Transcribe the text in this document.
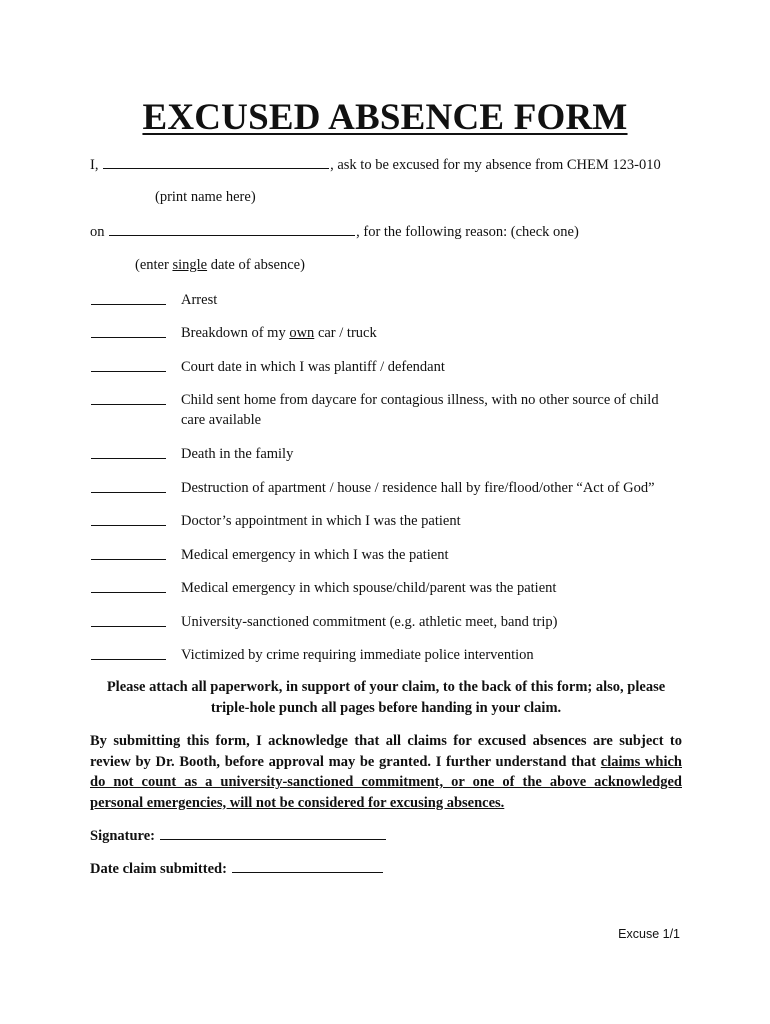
EXCUSED ABSENCE FORM
I,	, ask to be excused for my absence from CHEM 123-010
(print name here)
on	, for the following reason: (check one)
(enter single date of absence)
Arrest
Breakdown of my own car / truck
Court date in which I was plantiff / defendant
Child sent home from daycare for contagious illness, with no other source of child care available
Death in the family
Destruction of apartment / house / residence hall by fire/flood/other “Act of God”
Doctor’s appointment in which I was the patient
Medical emergency in which I was the patient
Medical emergency in which spouse/child/parent was the patient
University-sanctioned commitment (e.g. athletic meet, band trip)
Victimized by crime requiring immediate police intervention
Please attach all paperwork, in support of your claim, to the back of this form; also, please triple-hole punch all pages before handing in your claim.
By submitting this form, I acknowledge that all claims for excused absences are subject to review by Dr. Booth, before approval may be granted. I further understand that claims which do not count as a university-sanctioned commitment, or one of the above acknowledged personal emergencies, will not be considered for excusing absences.
Signature:
Date claim submitted:
Excuse 1/1
